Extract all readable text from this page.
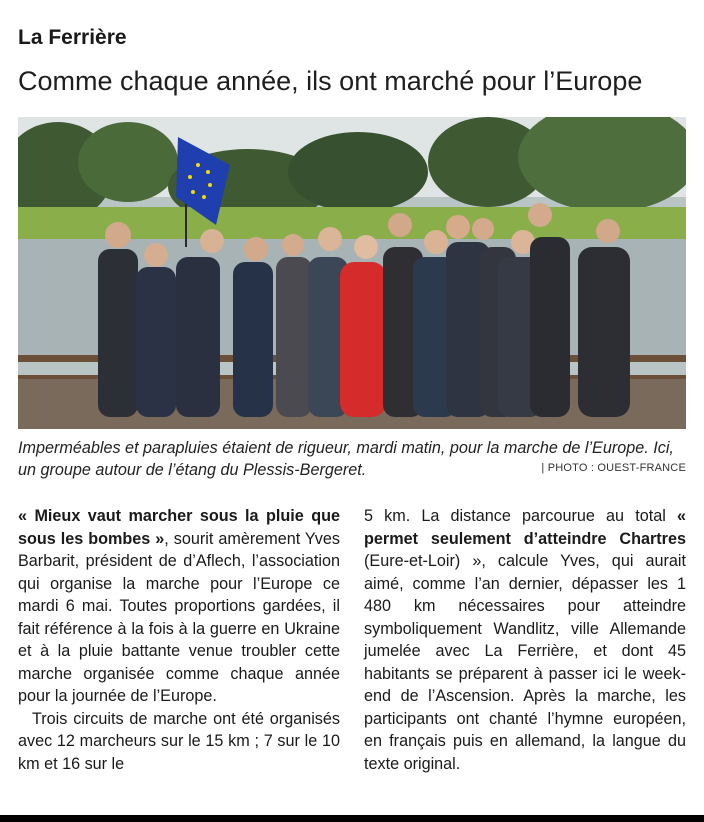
La Ferrière
Comme chaque année, ils ont marché pour l’Europe
Imperméables et parapluies étaient de rigueur, mardi matin, pour la marche de l’Europe. Ici, un groupe autour de l’étang du Plessis-Bergeret.	| PHOTO : OUEST-FRANCE

« Mieux vaut marcher sous la pluie que sous les bombes », sourit amèrement Yves Barbarit, président de d’Aflech, l’association qui organise la marche pour l’Europe ce mardi 6 mai. Toutes proportions gardées, il fait référence à la fois à la guerre en Ukraine et à la pluie battante venue troubler cette marche organisée comme chaque année pour la journée de l’Europe.

Trois circuits de marche ont été organisés avec 12 marcheurs sur le 15 km ; 7 sur le 10 km et 16 sur le

5 km. La distance parcourue au total « permet seulement d’atteindre Chartres (Eure-et-Loir) », calcule Yves, qui aurait aimé, comme l’an dernier, dépasser les 1 480 km nécessaires pour atteindre symboliquement Wandlitz, ville Allemande jumelée avec La Ferrière, et dont 45 habitants se préparent à passer ici le week-end de l’Ascension. Après la marche, les participants ont chanté l’hymne européen, en français puis en allemand, la langue du texte original.
